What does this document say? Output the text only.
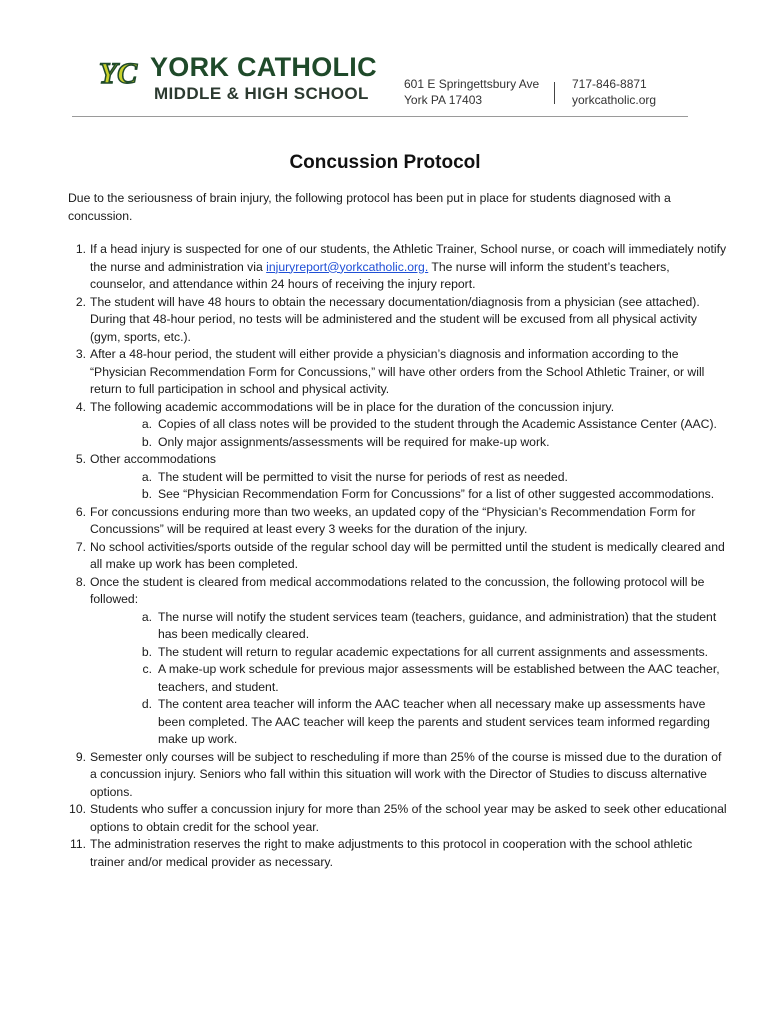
YC YORK CATHOLIC
MIDDLE & HIGH SCHOOL	601 E Springettsbury Ave
York PA 17403
717-846-8871
yorkcatholic.org
Concussion Protocol

Due to the seriousness of brain injury, the following protocol has been put in place for students diagnosed with a concussion.

1. If a head injury is suspected for one of our students, the Athletic Trainer, School nurse, or coach will immediately notify the nurse and administration via injuryreport@yorkcatholic.org. The nurse will inform the student’s teachers, counselor, and attendance within 24 hours of receiving the injury report.
2. The student will have 48 hours to obtain the necessary documentation/diagnosis from a physician (see attached). During that 48-hour period, no tests will be administered and the student will be excused from all physical activity (gym, sports, etc.).
3. After a 48-hour period, the student will either provide a physician’s diagnosis and information according to the “Physician Recommendation Form for Concussions,” will have other orders from the School Athletic Trainer, or will return to full participation in school and physical activity.
4. The following academic accommodations will be in place for the duration of the concussion injury.
a. Copies of all class notes will be provided to the student through the Academic Assistance Center (AAC).
b. Only major assignments/assessments will be required for make-up work.
5. Other accommodations
a. The student will be permitted to visit the nurse for periods of rest as needed.
b. See “Physician Recommendation Form for Concussions” for a list of other suggested accommodations.
6. For concussions enduring more than two weeks, an updated copy of the “Physician’s Recommendation Form for Concussions” will be required at least every 3 weeks for the duration of the injury.
7. No school activities/sports outside of the regular school day will be permitted until the student is medically cleared and all make up work has been completed.
8. Once the student is cleared from medical accommodations related to the concussion, the following protocol will be followed:
a. The nurse will notify the student services team (teachers, guidance, and administration) that the student has been medically cleared.
b. The student will return to regular academic expectations for all current assignments and assessments.
c. A make-up work schedule for previous major assessments will be established between the AAC teacher, teachers, and student.
d. The content area teacher will inform the AAC teacher when all necessary make up assessments have been completed. The AAC teacher will keep the parents and student services team informed regarding make up work.
9. Semester only courses will be subject to rescheduling if more than 25% of the course is missed due to the duration of a concussion injury. Seniors who fall within this situation will work with the Director of Studies to discuss alternative options.
10. Students who suffer a concussion injury for more than 25% of the school year may be asked to seek other educational options to obtain credit for the school year.
11. The administration reserves the right to make adjustments to this protocol in cooperation with the school athletic trainer and/or medical provider as necessary.
